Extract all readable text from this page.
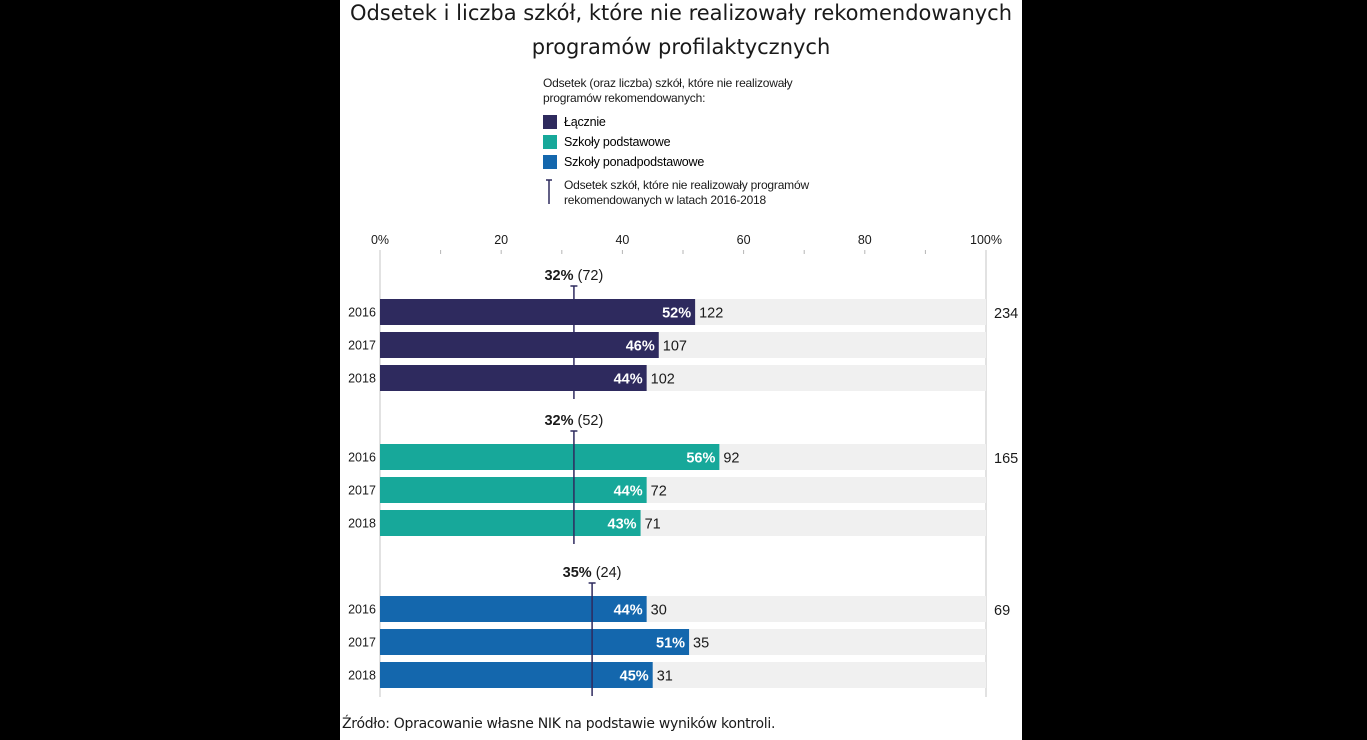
Odsetek i liczba szkół, które nie realizowały rekomendowanych
programów profilaktycznych
Odsetek (oraz liczba) szkół, które nie realizowały programów rekomendowanych:
Łącznie
Szkoły podstawowe
Szkoły ponadpodstawowe
Odsetek szkół, które nie realizowały programów
rekomendowanych w latach 2016-2018
0%	20	40	60	80	100%
2016	52% 122
2017	46% 107
2018	44% 102
234
32% (72)
2016	56% 92
2017	44% 72
2018	43% 71
165
32% (52)
2016	44% 30
2017	51% 35
2018	45% 31
69
35% (24)
Źródło: Opracowanie własne NIK na podstawie wyników kontroli.
